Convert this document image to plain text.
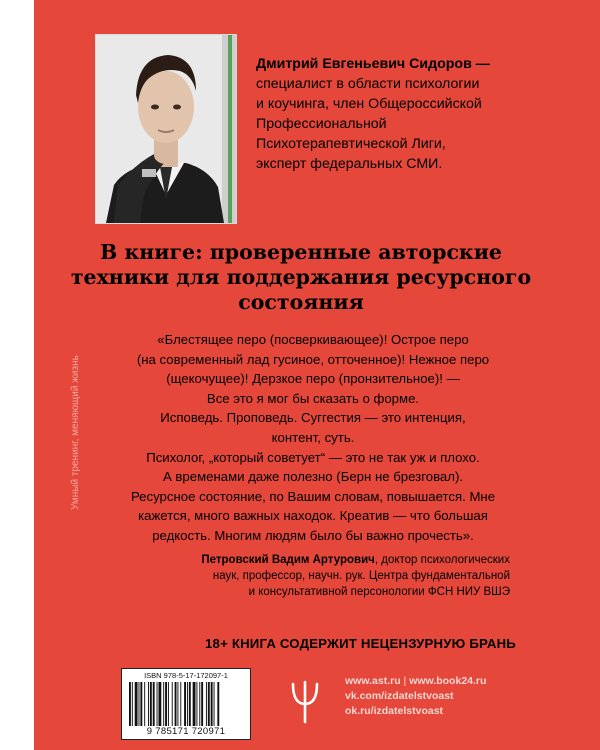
Умный тренинг, меняющий жизнь
Дмитрий Евгеньевич Сидоров —
специалист в области психологии
и коучинга, член Общероссийской
Профессиональной
Психотерапевтической Лиги,
эксперт федеральных СМИ.
В книге: проверенные авторские
техники для поддержания ресурсного
состояния
«Блестящее перо (посверкивающее)! Острое перо
(на современный лад гусиное, отточенное)! Нежное перо
(щекочущее)! Дерзкое перо (пронзительное)! —
Все это я мог бы сказать о форме.
Исповедь. Проповедь. Суггестия — это интенция,
контент, суть.
Психолог, „который советует“ — это не так уж и плохо.
А временами даже полезно (Берн не брезговал).
Ресурсное состояние, по Вашим словам, повышается. Мне
кажется, много важных находок. Креатив — что большая
редкость. Многим людям было бы важно прочесть».
Петровский Вадим Артурович, доктор психологических
наук, профессор, научн. рук. Центра фундаментальной
и консультативной персонологии ФСН НИУ ВШЭ
18+ КНИГА СОДЕРЖИТ НЕЦЕНЗУРНУЮ БРАНЬ
ISBN 978-5-17-172097-1
9 785171 720971
www.ast.ru | www.book24.ru
vk.com/izdatelstvoast
ok.ru/izdatelstvoast
